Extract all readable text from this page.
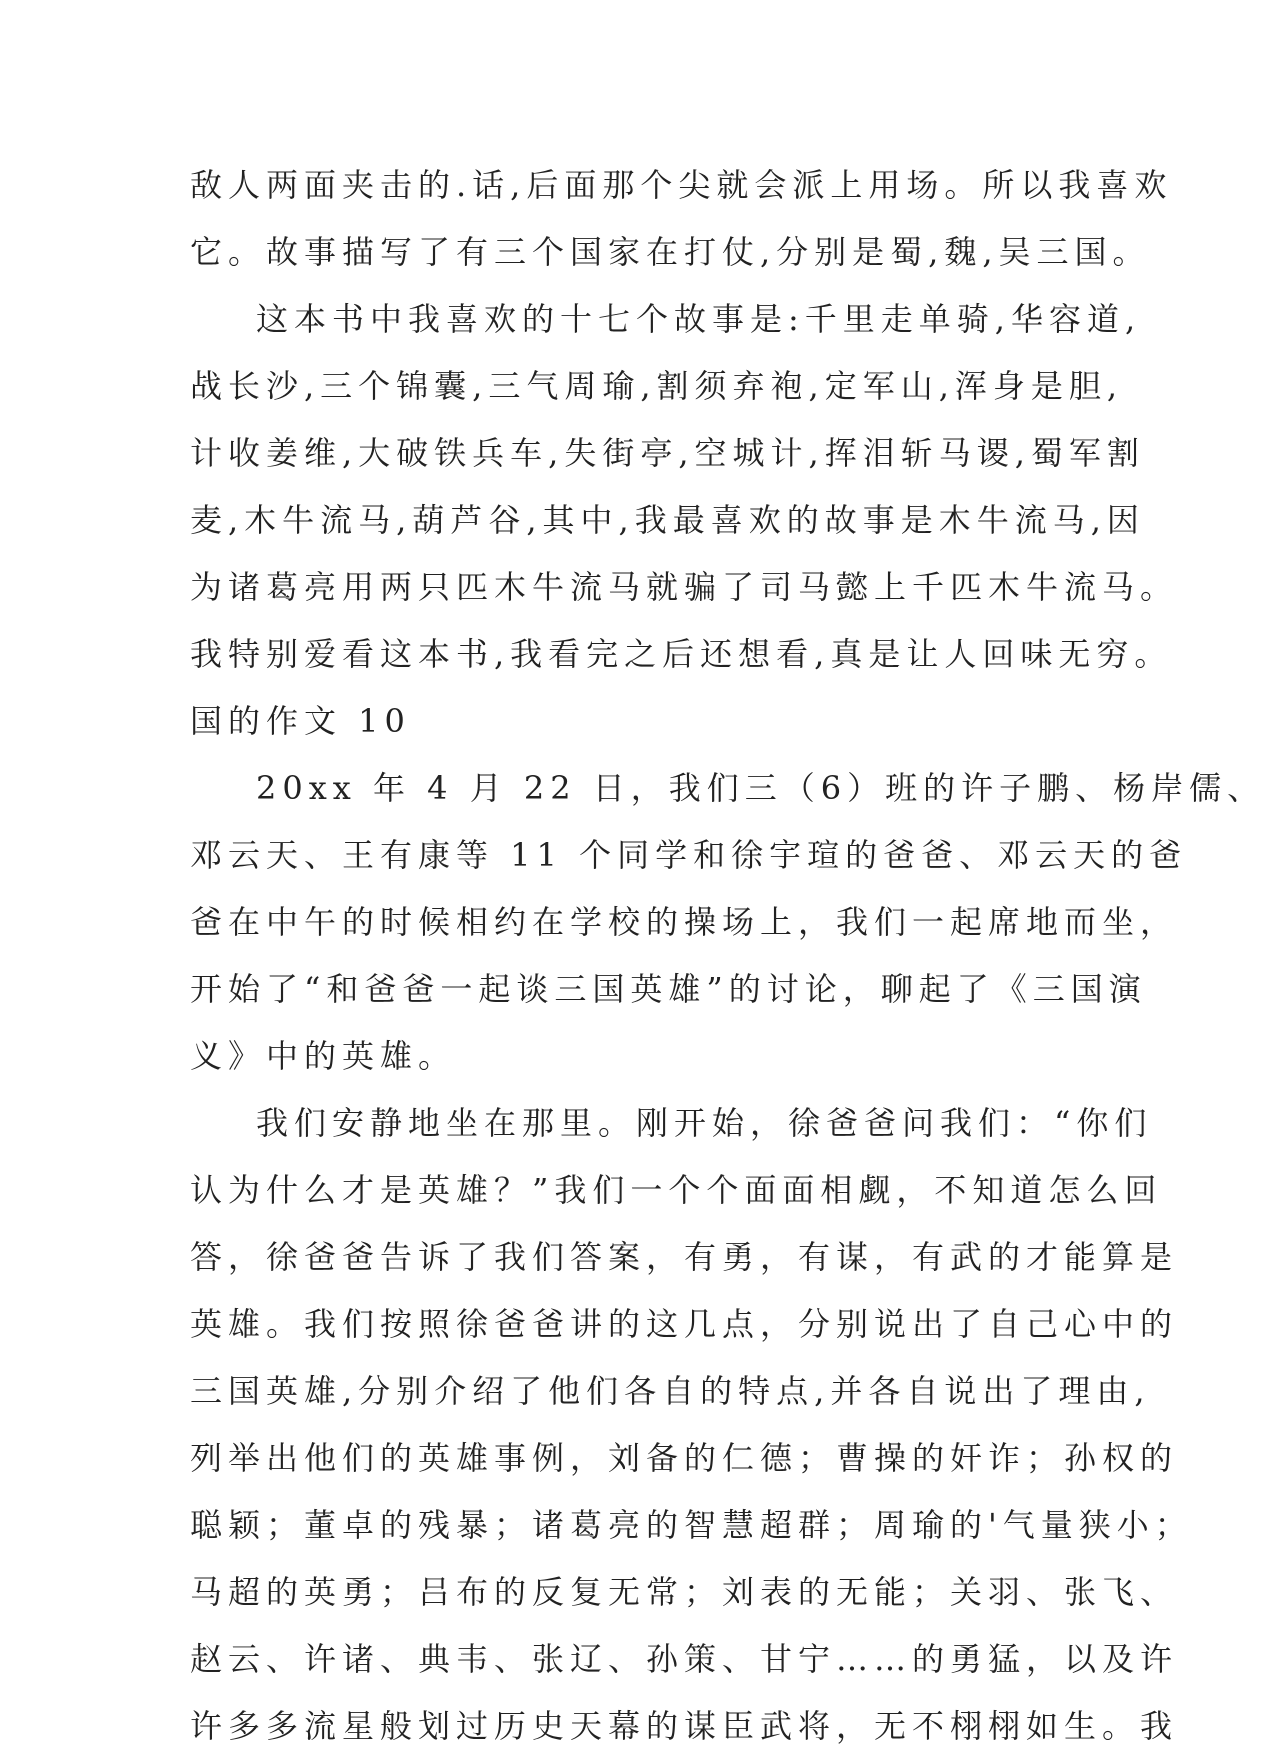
敌人两面夹击的.话,后面那个尖就会派上用场。所以我喜欢
它。故事描写了有三个国家在打仗,分别是蜀,魏,吴三国。
这本书中我喜欢的十七个故事是:千里走单骑,华容道,
战长沙,三个锦囊,三气周瑜,割须弃袍,定军山,浑身是胆,
计收姜维,大破铁兵车,失街亭,空城计,挥泪斩马谡,蜀军割
麦,木牛流马,葫芦谷,其中,我最喜欢的故事是木牛流马,因
为诸葛亮用两只匹木牛流马就骗了司马懿上千匹木牛流马。
我特别爱看这本书,我看完之后还想看,真是让人回味无穷。
国的作文 10
20xx 年 4 月 22 日，我们三（6）班的许子鹏、杨岸儒、
邓云天、王有康等 11 个同学和徐宇瑄的爸爸、邓云天的爸
爸在中午的时候相约在学校的操场上，我们一起席地而坐，
开始了“和爸爸一起谈三国英雄”的讨论，聊起了《三国演
义》中的英雄。
我们安静地坐在那里。刚开始，徐爸爸问我们：“你们
认为什么才是英雄？”我们一个个面面相觑，不知道怎么回
答，徐爸爸告诉了我们答案，有勇，有谋，有武的才能算是
英雄。我们按照徐爸爸讲的这几点，分别说出了自己心中的
三国英雄,分别介绍了他们各自的特点,并各自说出了理由,
列举出他们的英雄事例，刘备的仁德；曹操的奸诈；孙权的
聪颖；董卓的残暴；诸葛亮的智慧超群；周瑜的'气量狭小；
马超的英勇；吕布的反复无常；刘表的无能；关羽、张飞、
赵云、许诸、典韦、张辽、孙策、甘宁……的勇猛，以及许
许多多流星般划过历史天幕的谋臣武将，无不栩栩如生。我
